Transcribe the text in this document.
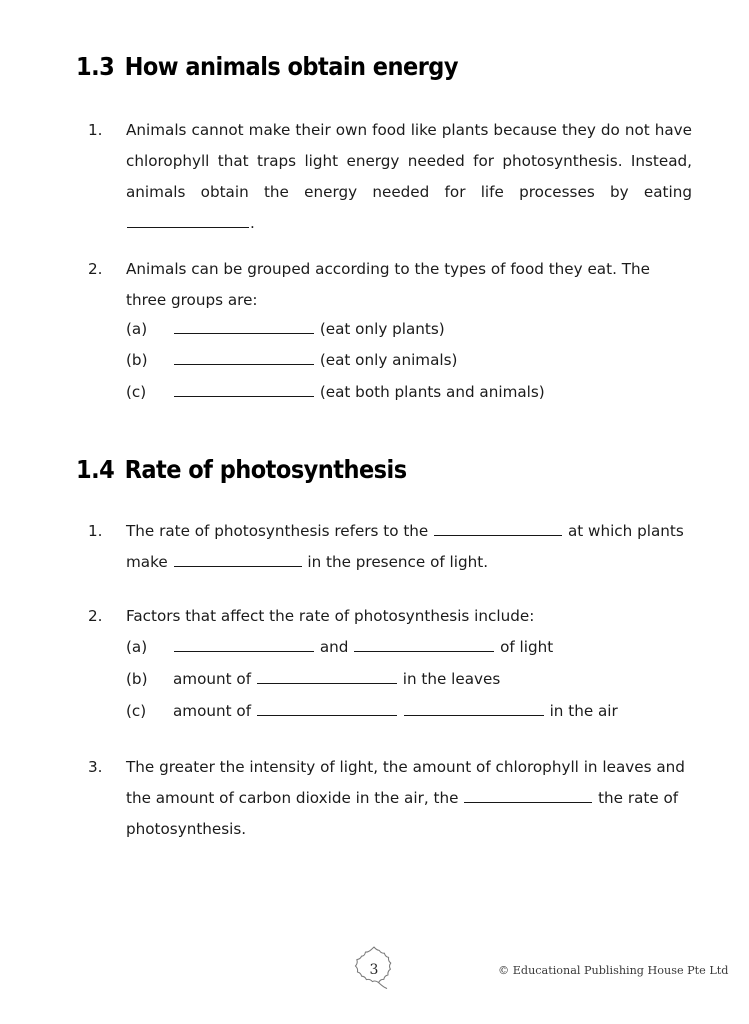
1.3 How animals obtain energy
1.	Animals cannot make their own food like plants because they do not have chlorophyll that traps light energy needed for photosynthesis. Instead, animals obtain the energy needed for life processes by eating .
2.	Animals can be grouped according to the types of food they eat. The three groups are:
(a)	(eat only plants)
(b)	(eat only animals)
(c)	(eat both plants and animals)
1.4 Rate of photosynthesis
1.	The rate of photosynthesis refers to the	at which plants make	in the presence of light.
2.	Factors that affect the rate of photosynthesis include:
(a)	and	of light
(b)	amount of	in the leaves
(c)	amount of	in the air
3.	The greater the intensity of light, the amount of chlorophyll in leaves and the amount of carbon dioxide in the air, the	the rate of photosynthesis.
3	© Educational Publishing House Pte Ltd
